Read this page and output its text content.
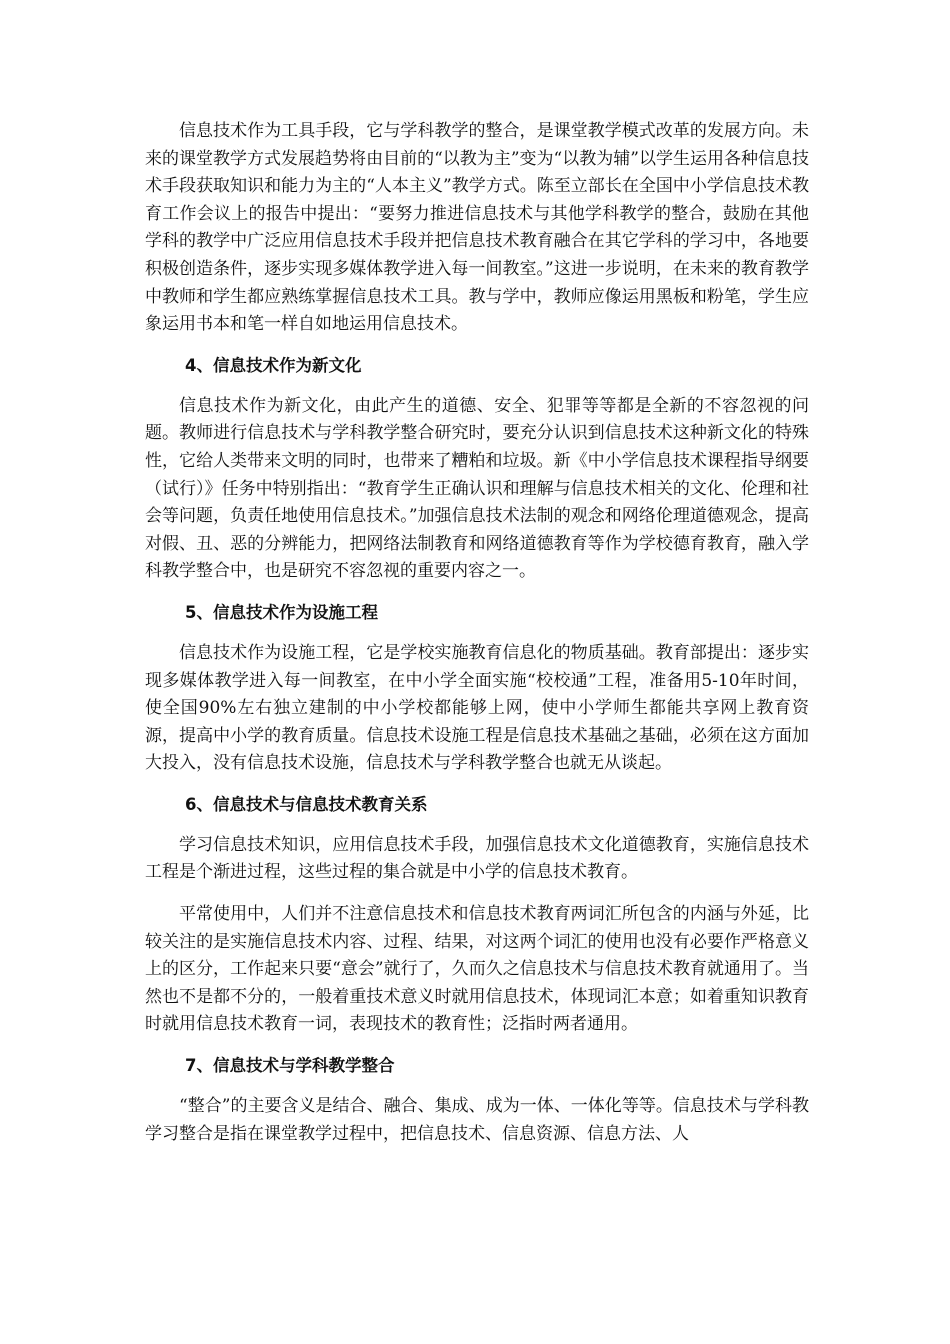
信息技术作为工具手段，它与学科教学的整合，是课堂教学模式改革的发展方向。未来的课堂教学方式发展趋势将由目前的“以教为主”变为“以教为辅”以学生运用各种信息技术手段获取知识和能力为主的“人本主义”教学方式。陈至立部长在全国中小学信息技术教育工作会议上的报告中提出：“要努力推进信息技术与其他学科教学的整合，鼓励在其他学科的教学中广泛应用信息技术手段并把信息技术教育融合在其它学科的学习中，各地要积极创造条件，逐步实现多媒体教学进入每一间教室。”这进一步说明，在未来的教育教学中教师和学生都应熟练掌握信息技术工具。教与学中，教师应像运用黑板和粉笔，学生应象运用书本和笔一样自如地运用信息技术。

4、信息技术作为新文化

信息技术作为新文化，由此产生的道德、安全、犯罪等等都是全新的不容忽视的问题。教师进行信息技术与学科教学整合研究时，要充分认识到信息技术这种新文化的特殊性，它给人类带来文明的同时，也带来了糟粕和垃圾。新《中小学信息技术课程指导纲要（试行）》任务中特别指出：“教育学生正确认识和理解与信息技术相关的文化、伦理和社会等问题，负责任地使用信息技术。”加强信息技术法制的观念和网络伦理道德观念，提高对假、丑、恶的分辨能力，把网络法制教育和网络道德教育等作为学校德育教育，融入学科教学整合中，也是研究不容忽视的重要内容之一。

5、信息技术作为设施工程

信息技术作为设施工程，它是学校实施教育信息化的物质基础。教育部提出：逐步实现多媒体教学进入每一间教室，在中小学全面实施“校校通”工程，准备用5-10年时间，使全国90%左右独立建制的中小学校都能够上网，使中小学师生都能共享网上教育资源，提高中小学的教育质量。信息技术设施工程是信息技术基础之基础，必须在这方面加大投入，没有信息技术设施，信息技术与学科教学整合也就无从谈起。

6、信息技术与信息技术教育关系

学习信息技术知识，应用信息技术手段，加强信息技术文化道德教育，实施信息技术工程是个渐进过程，这些过程的集合就是中小学的信息技术教育。

平常使用中，人们并不注意信息技术和信息技术教育两词汇所包含的内涵与外延，比较关注的是实施信息技术内容、过程、结果，对这两个词汇的使用也没有必要作严格意义上的区分，工作起来只要“意会”就行了，久而久之信息技术与信息技术教育就通用了。当然也不是都不分的，一般着重技术意义时就用信息技术，体现词汇本意；如着重知识教育时就用信息技术教育一词，表现技术的教育性；泛指时两者通用。

7、信息技术与学科教学整合

“整合”的主要含义是结合、融合、集成、成为一体、一体化等等。信息技术与学科教学习整合是指在课堂教学过程中，把信息技术、信息资源、信息方法、人
